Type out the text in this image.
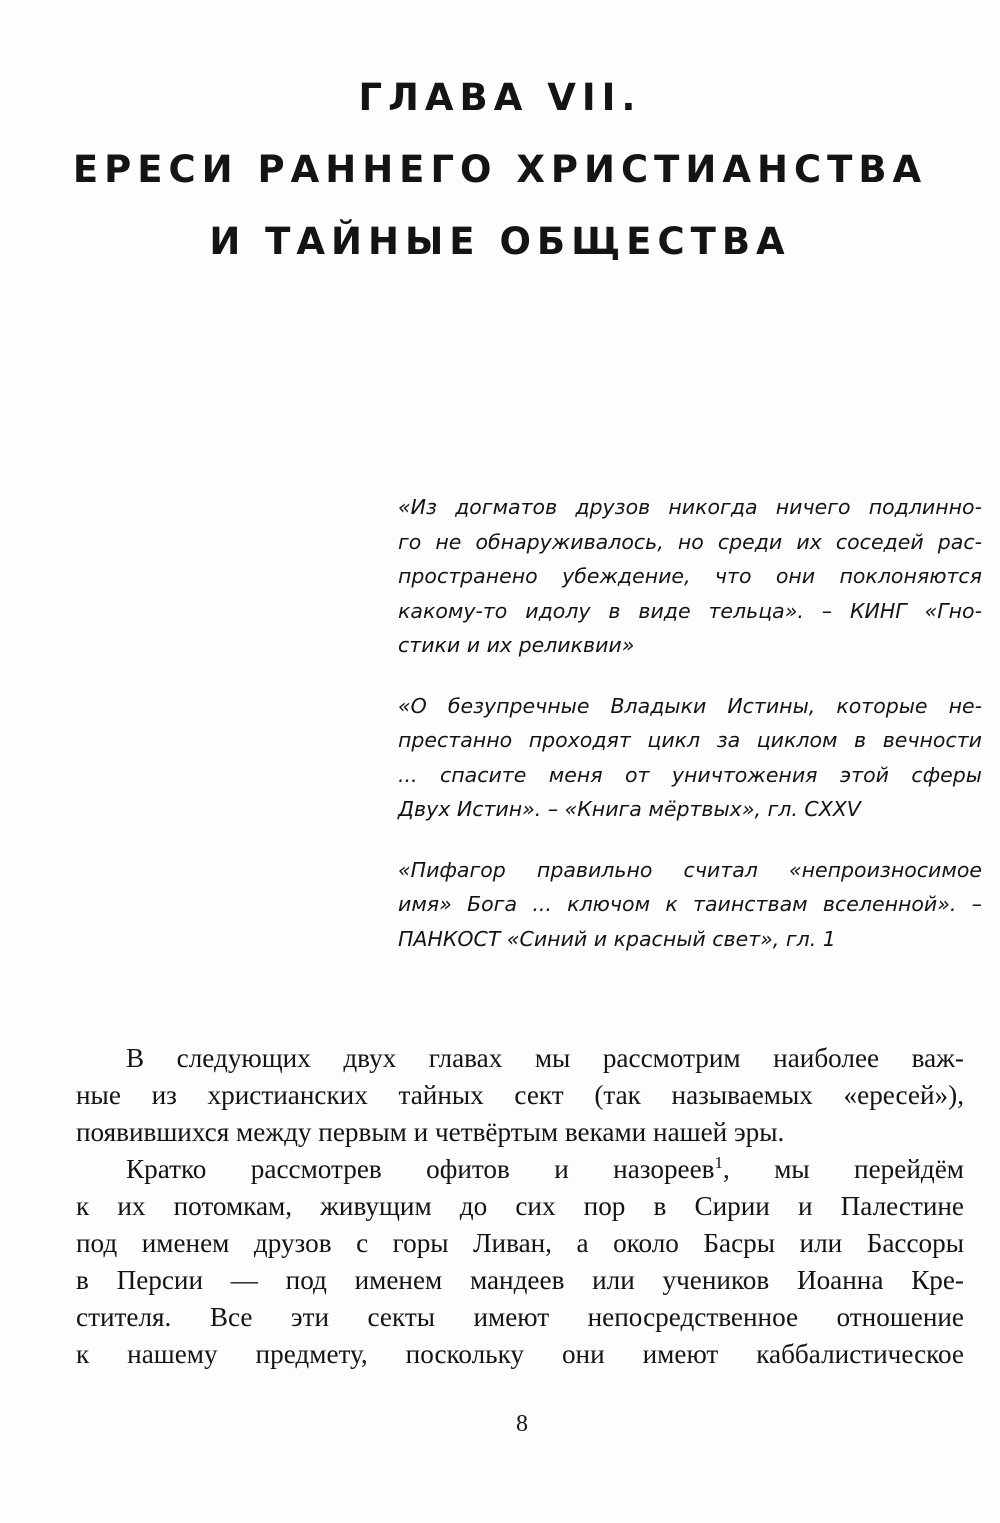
ГЛАВА VII.
ЕРЕСИ РАННЕГО ХРИСТИАНСТВА
И ТАЙНЫЕ ОБЩЕСТВА
«Из догматов друзов никогда ничего подлинно-
го не обнаруживалось, но среди их соседей рас-
пространено убеждение, что они поклоняются
какому-то идолу в виде тельца». – КИНГ «Гно-
стики и их реликвии»
«О безупречные Владыки Истины, которые не-
престанно проходят цикл за циклом в вечности
... спасите меня от уничтожения этой сферы
Двух Истин». – «Книга мёртвых», гл. CXXV
«Пифагор правильно считал «непроизносимое
имя» Бога ... ключом к таинствам вселенной». –
ПАНКОСТ «Синий и красный свет», гл. 1
В следующих двух главах мы рассмотрим наиболее важ-
ные из христианских тайных сект (так называемых «ересей»),
появившихся между первым и четвёртым веками нашей эры.
Кратко рассмотрев офитов и назореев$^1$, мы перейдём
к их потомкам, живущим до сих пор в Сирии и Палестине
под именем друзов с горы Ливан, а около Басры или Бассоры
в Персии — под именем мандеев или учеников Иоанна Кре-
стителя. Все эти секты имеют непосредственное отношение
к нашему предмету, поскольку они имеют каббалистическое
8
